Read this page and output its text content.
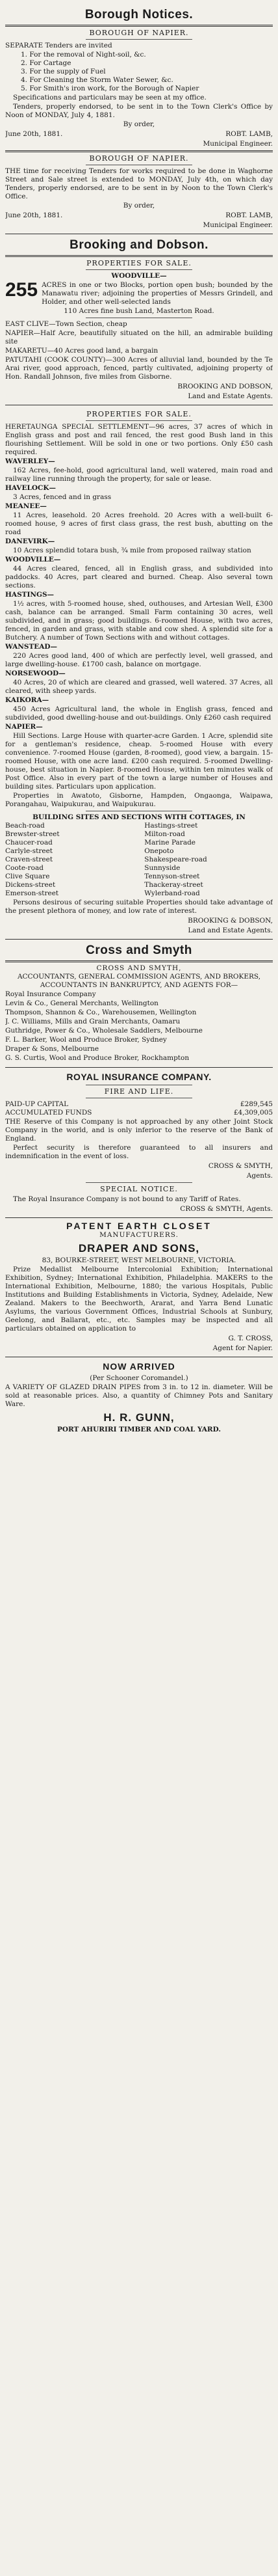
Borough Notices.
BOROUGH OF NAPIER.
SEPARATE Tenders are invited
1. For the removal of Night-soil, &c.
2. For Cartage
3. For the supply of Fuel
4. For Cleaning the Storm Water Sewer, &c.
5. For Smith's iron work, for the Borough of Napier
Specifications and particulars may be seen at my office.
Tenders, properly endorsed, to be sent in to the Town Clerk's Office by Noon of MONDAY, July 4, 1881.
By order,
June 20th, 1881.	ROBT. LAMB,
Municipal Engineer.
BOROUGH OF NAPIER.
THE time for receiving Tenders for works required to be done in Waghorne Street and Sale street is extended to MONDAY, July 4th, on which day Tenders, properly endorsed, are to be sent in by Noon to the Town Clerk's Office.
By order,
June 20th, 1881.	ROBT. LAMB,
Municipal Engineer.
Brooking and Dobson.
PROPERTIES FOR SALE.
WOODVILLE—
255 ACRES in one or two Blocks, portion open bush; bounded by the Manawatu river; adjoining the properties of Messrs Grindell, and Holder, and other well-selected lands
110 Acres fine bush Land, Masterton Road.
EAST CLIVE—Town Section, cheap
NAPIER—Half Acre, beautifully situated on the hill, an admirable building site
MAKARETU—40 Acres good land, a bargain
PATUTAHI (COOK COUNTY)—300 Acres of alluvial land, bounded by the Te Arai river, good approach, fenced, partly cultivated, adjoining property of Hon. Randall Johnson, five miles from Gisborne.
BROOKING AND DOBSON,
Land and Estate Agents.
PROPERTIES FOR SALE.
HERETAUNGA SPECIAL SETTLEMENT—96 acres, 37 acres of which in English grass and post and rail fenced, the rest good Bush land in this flourishing Settlement. Will be sold in one or two portions. Only £50 cash required.
WAVERLEY—
162 Acres, fee-hold, good agricultural land, well watered, main road and railway line running through the property, for sale or lease.
HAVELOCK—
3 Acres, fenced and in grass
MEANEE—
11 Acres, leasehold. 20 Acres freehold. 20 Acres with a well-built 6-roomed house, 9 acres of first class grass, the rest bush, abutting on the road
DANEVIRK—
10 Acres splendid totara bush, ¾ mile from proposed railway station
WOODVILLE—
44 Acres cleared, fenced, all in English grass, and subdivided into paddocks. 40 Acres, part cleared and burned. Cheap. Also several town sections.
HASTINGS—
1½ acres, with 5-roomed house, shed, outhouses, and Artesian Well, £300 cash, balance can be arranged. Small Farm containing 30 acres, well subdivided, and in grass; good buildings. 6-roomed House, with two acres, fenced, in garden and grass, with stable and cow shed. A splendid site for a Butchery. A number of Town Sections with and without cottages.
WANSTEAD—
220 Acres good land, 400 of which are perfectly level, well grassed, and large dwelling-house. £1700 cash, balance on mortgage.
NORSEWOOD—
40 Acres, 20 of which are cleared and grassed, well watered. 37 Acres, all cleared, with sheep yards.
KAIKORA—
450 Acres Agricultural land, the whole in English grass, fenced and subdivided, good dwelling-house and out-buildings. Only £260 cash required
NAPIER—
Hill Sections. Large House with quarter-acre Garden. 1 Acre, splendid site for a gentleman's residence, cheap. 5-roomed House with every convenience. 7-roomed House (garden, 8-roomed), good view, a bargain. 15-roomed House, with one acre land. £200 cash required. 5-roomed Dwelling-house, best situation in Napier. 8-roomed House, within ten minutes walk of Post Office. Also in every part of the town a large number of Houses and building sites. Particulars upon application.
Properties in Awatoto, Gisborne, Hampden, Ongaonga, Waipawa, Porangahau, Waipukurau, and Waipukurau.
BUILDING SITES AND SECTIONS WITH COTTAGES, IN
Beach-road
Brewster-street
Chaucer-road
Carlyle-street
Craven-street
Coote-road
Clive Square
Dickens-street
Emerson-street
Hastings-street
Milton-road
Marine Parade
Onepoto
Shakespeare-road
Sunnyside
Tennyson-street
Thackeray-street
Wylerband-road
Persons desirous of securing suitable Properties should take advantage of the present plethora of money, and low rate of interest.
BROOKING & DOBSON,
Land and Estate Agents.
Cross and Smyth
CROSS AND SMYTH,
ACCOUNTANTS, GENERAL COMMISSION AGENTS, AND BROKERS,
ACCOUNTANTS IN BANKRUPTCY, AND AGENTS FOR—
Royal Insurance Company
Levin & Co., General Merchants, Wellington
Thompson, Shannon & Co., Warehousemen, Wellington
J. C. Williams, Mills and Grain Merchants, Oamaru
Guthridge, Power & Co., Wholesale Saddlers, Melbourne
F. L. Barker, Wool and Produce Broker, Sydney
Draper & Sons, Melbourne
G. S. Curtis, Wool and Produce Broker, Rockhampton
ROYAL INSURANCE COMPANY.
FIRE AND LIFE.
PAID-UP CAPITAL	£289,545
ACCUMULATED FUNDS	£4,309,005
THE Reserve of this Company is not approached by any other Joint Stock Company in the world, and is only inferior to the reserve of the Bank of England.
Perfect security is therefore guaranteed to all insurers and indemnification in the event of loss.
CROSS & SMYTH,
Agents.
SPECIAL NOTICE.
The Royal Insurance Company is not bound to any Tariff of Rates.
CROSS & SMYTH, Agents.
PATENT EARTH CLOSET
MANUFACTURERS.
DRAPER AND SONS,
83, BOURKE-STREET, WEST MELBOURNE, VICTORIA.
Prize Medallist Melbourne Intercolonial Exhibition; International Exhibition, Sydney; International Exhibition, Philadelphia. MAKERS to the International Exhibition, Melbourne, 1880; the various Hospitals, Public Institutions and Building Establishments in Victoria, Sydney, Adelaide, New Zealand. Makers to the Beechworth, Ararat, and Yarra Bend Lunatic Asylums, the various Government Offices, Industrial Schools at Sunbury, Geelong, and Ballarat, etc., etc. Samples may be inspected and all particulars obtained on application to
G. T. CROSS,
Agent for Napier.
NOW ARRIVED
(Per Schooner Coromandel.)
A VARIETY OF GLAZED DRAIN PIPES from 3 in. to 12 in. diameter. Will be sold at reasonable prices. Also, a quantity of Chimney Pots and Sanitary Ware.
H. R. GUNN,
PORT AHURIRI TIMBER AND COAL YARD.
